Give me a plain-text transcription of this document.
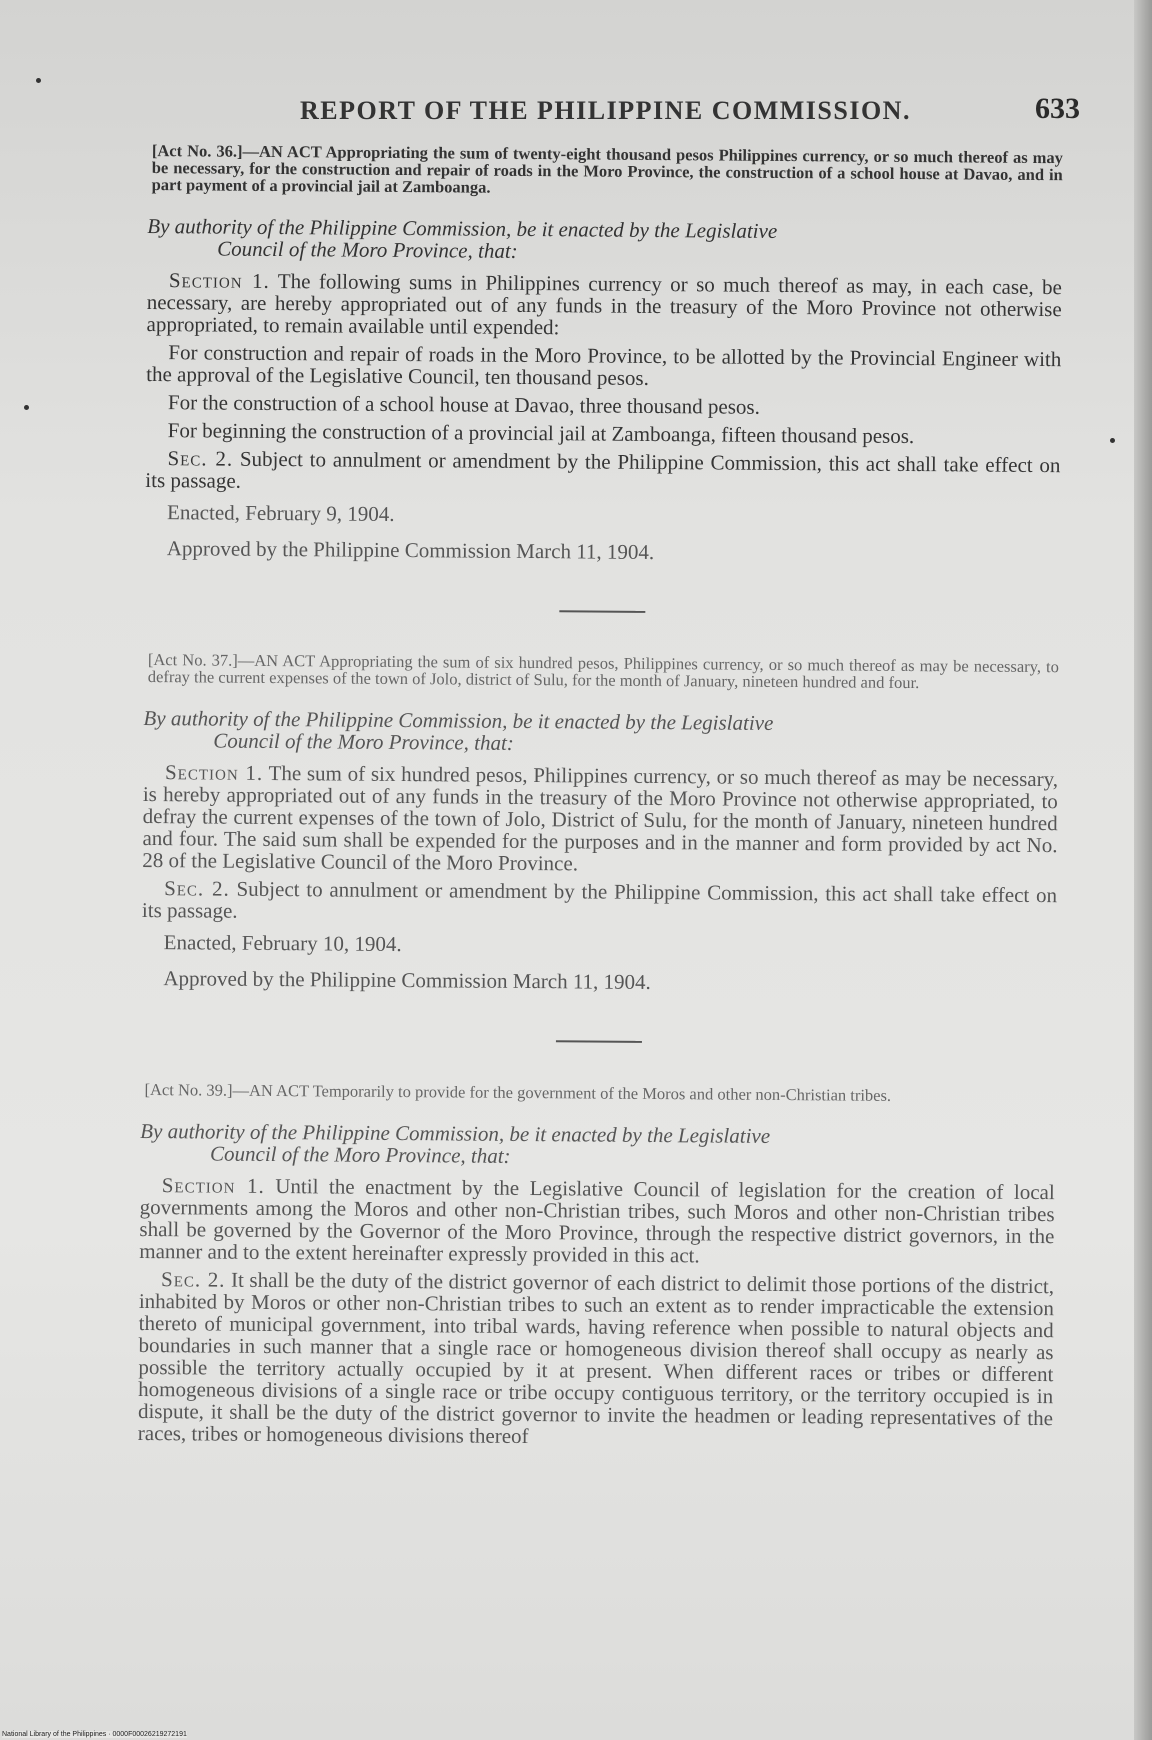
REPORT OF THE PHILIPPINE COMMISSION.	633
[Act No. 36.]—AN ACT Appropriating the sum of twenty-eight thousand pesos Philippines currency, or so much thereof as may be necessary, for the construction and repair of roads in the Moro Province, the construction of a school house at Davao, and in part payment of a provincial jail at Zamboanga.
By authority of the Philippine Commission, be it enacted by the Legislative
Council of the Moro Province, that:

Section 1. The following sums in Philippines currency or so much thereof as may, in each case, be necessary, are hereby appropriated out of any funds in the treasury of the Moro Province not otherwise appropriated, to remain available until expended:

For construction and repair of roads in the Moro Province, to be allotted by the Provincial Engineer with the approval of the Legislative Council, ten thousand pesos.

For the construction of a school house at Davao, three thousand pesos.

For beginning the construction of a provincial jail at Zamboanga, fifteen thousand pesos.

Sec. 2. Subject to annulment or amendment by the Philippine Commission, this act shall take effect on its passage.

Enacted, February 9, 1904.

Approved by the Philippine Commission March 11, 1904.

[Act No. 37.]—AN ACT Appropriating the sum of six hundred pesos, Philippines currency, or so much thereof as may be necessary, to defray the current expenses of the town of Jolo, district of Sulu, for the month of January, nineteen hundred and four.
By authority of the Philippine Commission, be it enacted by the Legislative
Council of the Moro Province, that:

Section 1. The sum of six hundred pesos, Philippines currency, or so much thereof as may be necessary, is hereby appropriated out of any funds in the treasury of the Moro Province not otherwise appropriated, to defray the current expenses of the town of Jolo, District of Sulu, for the month of January, nineteen hundred and four. The said sum shall be expended for the purposes and in the manner and form provided by act No. 28 of the Legislative Council of the Moro Province.

Sec. 2. Subject to annulment or amendment by the Philippine Commission, this act shall take effect on its passage.

Enacted, February 10, 1904.

Approved by the Philippine Commission March 11, 1904.

[Act No. 39.]—AN ACT Temporarily to provide for the government of the Moros and other non-Christian tribes.
By authority of the Philippine Commission, be it enacted by the Legislative
Council of the Moro Province, that:

Section 1. Until the enactment by the Legislative Council of legislation for the creation of local governments among the Moros and other non-Christian tribes, such Moros and other non-Christian tribes shall be governed by the Governor of the Moro Province, through the respective district governors, in the manner and to the extent hereinafter expressly provided in this act.

Sec. 2. It shall be the duty of the district governor of each district to delimit those portions of the district, inhabited by Moros or other non-Christian tribes to such an extent as to render impracticable the extension thereto of municipal government, into tribal wards, having reference when possible to natural objects and boundaries in such manner that a single race or homogeneous division thereof shall occupy as nearly as possible the territory actually occupied by it at present. When different races or tribes or different homogeneous divisions of a single race or tribe occupy contiguous territory, or the territory occupied is in dispute, it shall be the duty of the district governor to invite the headmen or leading representatives of the races, tribes or homogeneous divisions thereof

National Library of the Philippines · 0000F00026219272191
